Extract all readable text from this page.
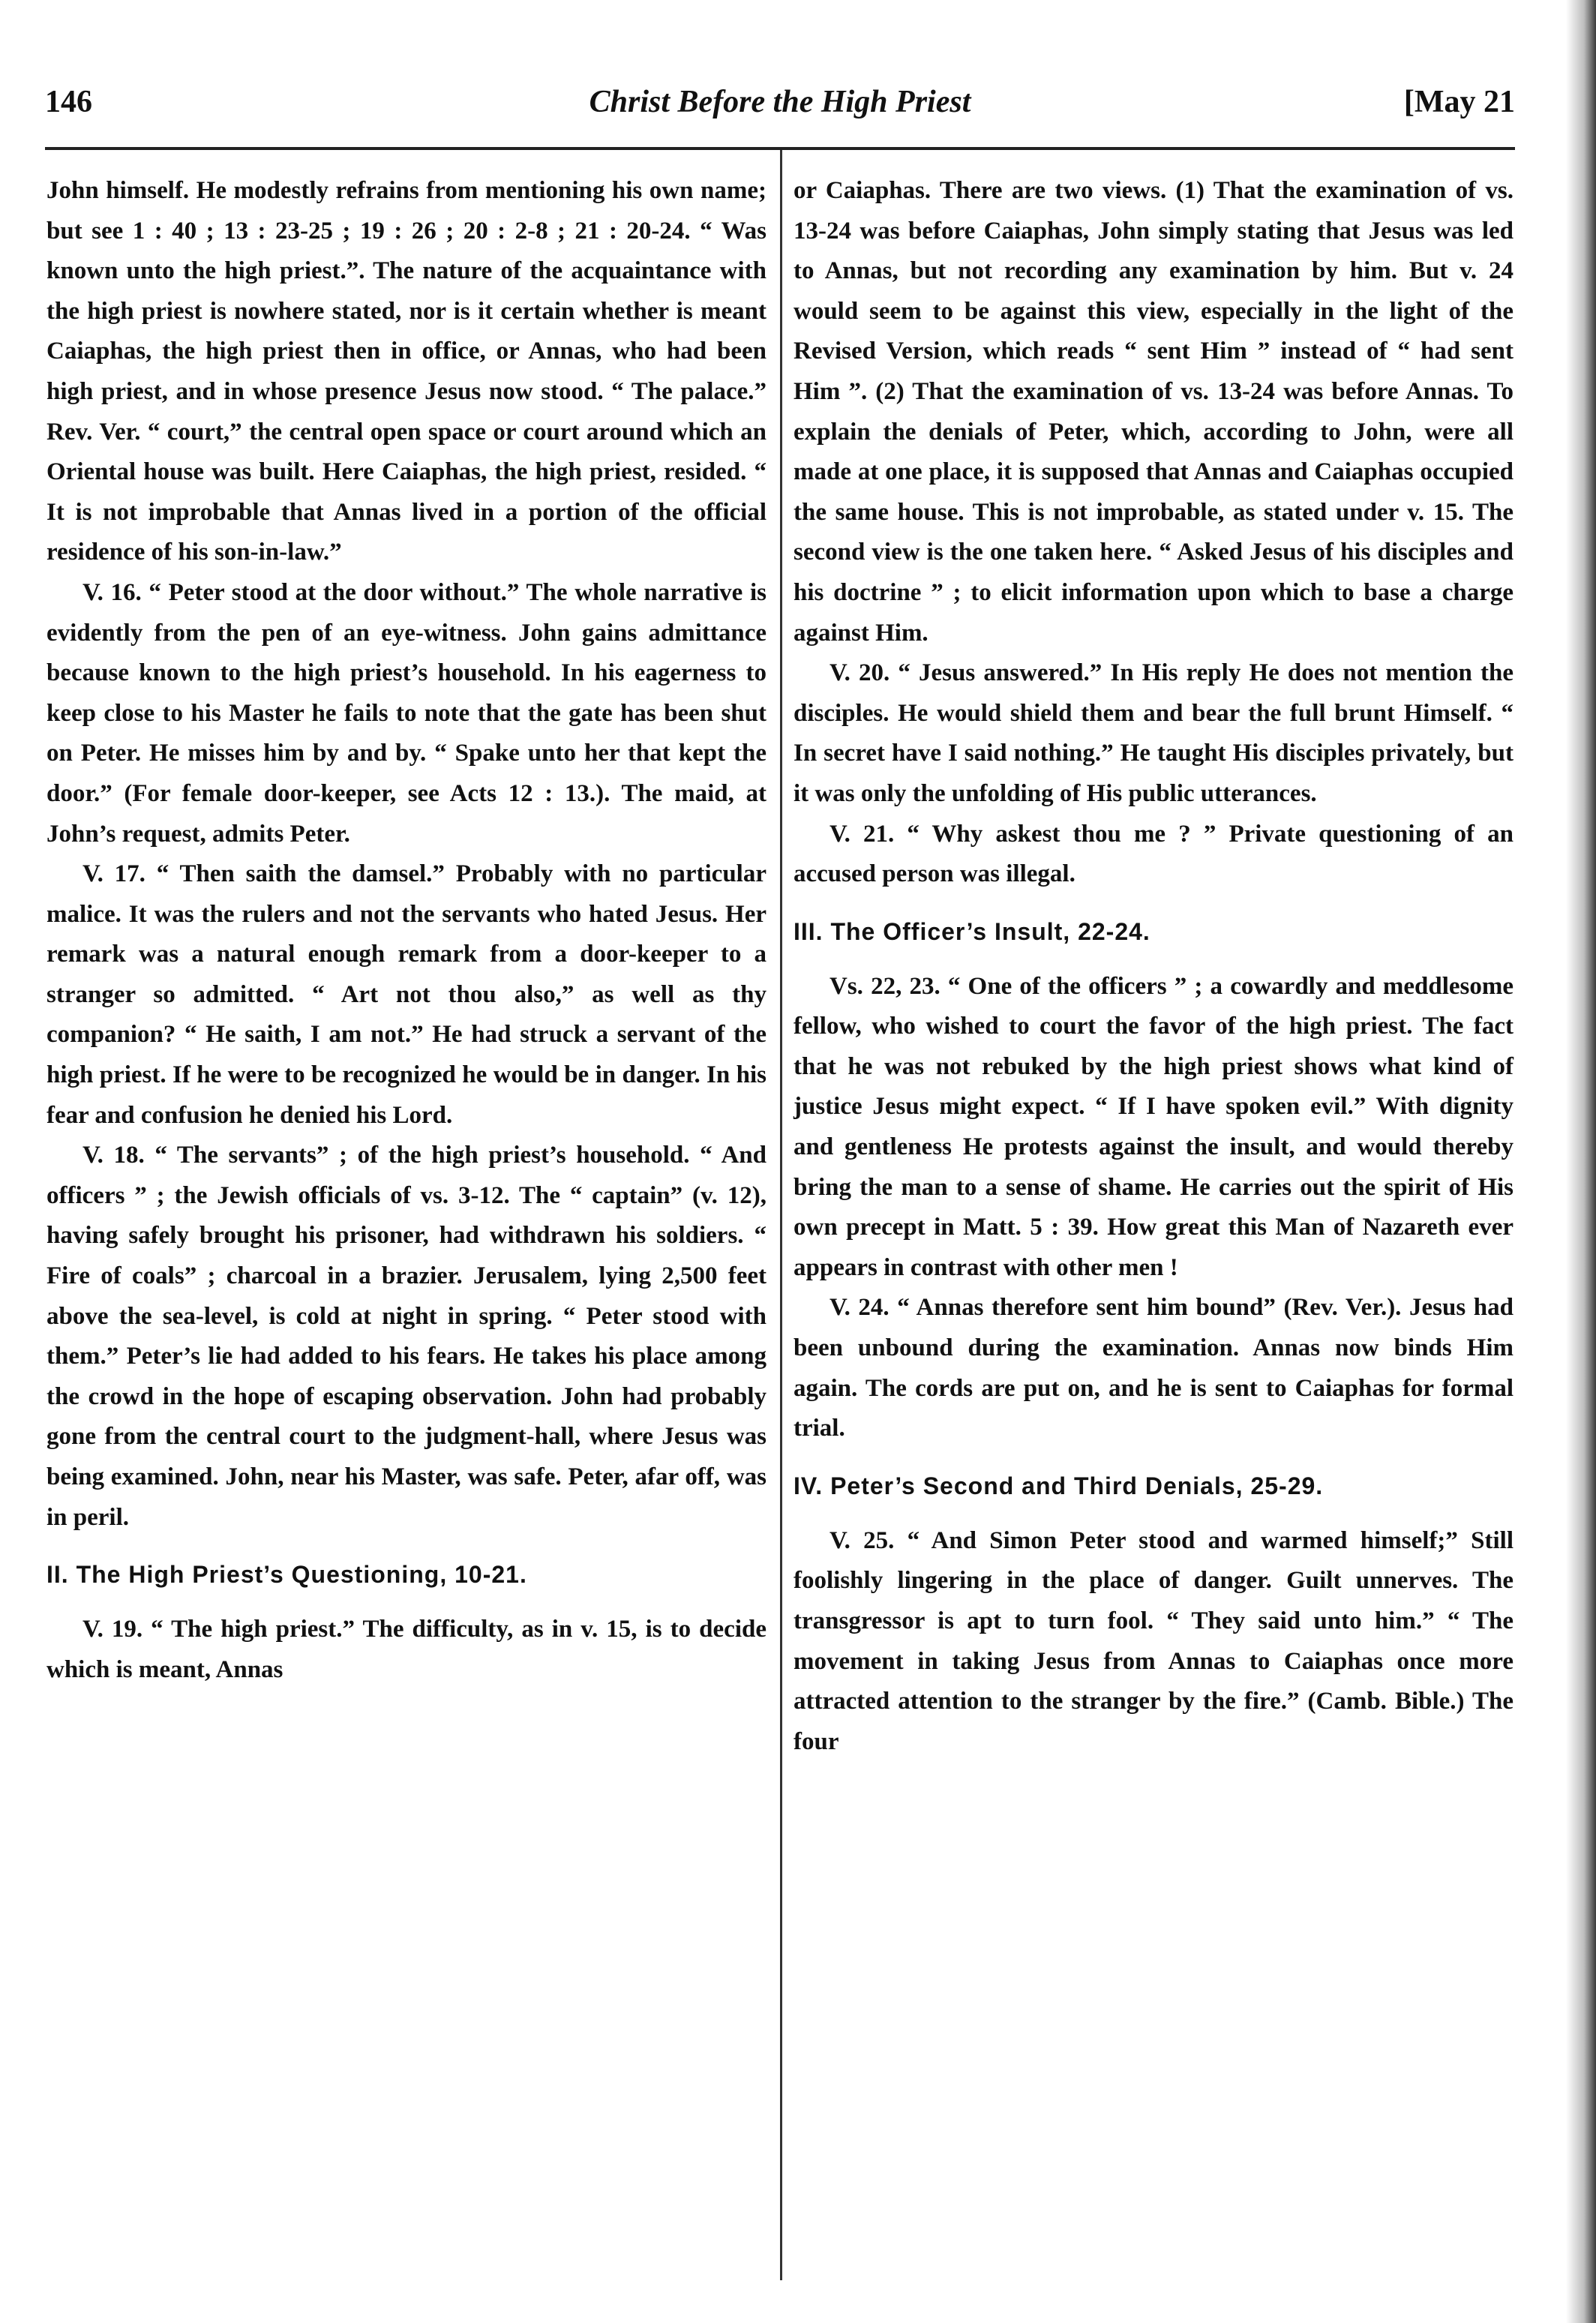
146	Christ Before the High Priest	[May 21

John himself. He modestly refrains from mentioning his own name; but see 1 : 40 ; 13 : 23-25 ; 19 : 26 ; 20 : 2-8 ; 21 : 20-24. “ Was known unto the high priest.”. The nature of the acquaintance with the high priest is nowhere stated, nor is it certain whether is meant Caiaphas, the high priest then in office, or Annas, who had been high priest, and in whose presence Jesus now stood. “ The palace.” Rev. Ver. “ court,” the central open space or court around which an Oriental house was built. Here Caiaphas, the high priest, resided. “ It is not improbable that Annas lived in a portion of the official residence of his son-in-law.”

V. 16. “ Peter stood at the door without.” The whole narrative is evidently from the pen of an eye-witness. John gains admittance because known to the high priest’s household. In his eagerness to keep close to his Master he fails to note that the gate has been shut on Peter. He misses him by and by. “ Spake unto her that kept the door.” (For female door-keeper, see Acts 12 : 13.). The maid, at John’s request, admits Peter.

V. 17. “ Then saith the damsel.” Probably with no particular malice. It was the rulers and not the servants who hated Jesus. Her remark was a natural enough remark from a door-keeper to a stranger so admitted. “ Art not thou also,” as well as thy companion? “ He saith, I am not.” He had struck a servant of the high priest. If he were to be recognized he would be in danger. In his fear and confusion he denied his Lord.

V. 18. “ The servants” ; of the high priest’s household. “ And officers ” ; the Jewish officials of vs. 3-12. The “ captain” (v. 12), having safely brought his prisoner, had withdrawn his soldiers. “ Fire of coals” ; charcoal in a brazier. Jerusalem, lying 2,500 feet above the sea-level, is cold at night in spring. “ Peter stood with them.” Peter’s lie had added to his fears. He takes his place among the crowd in the hope of escaping observation. John had probably gone from the central court to the judgment-hall, where Jesus was being examined. John, near his Master, was safe. Peter, afar off, was in peril.

II. The High Priest’s Questioning, 10-21.

V. 19. “ The high priest.” The difficulty, as in v. 15, is to decide which is meant, Annas

or Caiaphas. There are two views. (1) That the examination of vs. 13-24 was before Caiaphas, John simply stating that Jesus was led to Annas, but not recording any examination by him. But v. 24 would seem to be against this view, especially in the light of the Revised Version, which reads “ sent Him ” instead of “ had sent Him ”. (2) That the examination of vs. 13-24 was before Annas. To explain the denials of Peter, which, according to John, were all made at one place, it is supposed that Annas and Caiaphas occupied the same house. This is not improbable, as stated under v. 15. The second view is the one taken here. “ Asked Jesus of his disciples and his doctrine ” ; to elicit information upon which to base a charge against Him.

V. 20. “ Jesus answered.” In His reply He does not mention the disciples. He would shield them and bear the full brunt Himself. “ In secret have I said nothing.” He taught His disciples privately, but it was only the unfolding of His public utterances.

V. 21. “ Why askest thou me ? ” Private questioning of an accused person was illegal.

III. The Officer’s Insult, 22-24.

Vs. 22, 23. “ One of the officers ” ; a cowardly and meddlesome fellow, who wished to court the favor of the high priest. The fact that he was not rebuked by the high priest shows what kind of justice Jesus might expect. “ If I have spoken evil.” With dignity and gentleness He protests against the insult, and would thereby bring the man to a sense of shame. He carries out the spirit of His own precept in Matt. 5 : 39. How great this Man of Nazareth ever appears in contrast with other men !

V. 24. “ Annas therefore sent him bound” (Rev. Ver.). Jesus had been unbound during the examination. Annas now binds Him again. The cords are put on, and he is sent to Caiaphas for formal trial.

IV. Peter’s Second and Third Denials, 25-29.

V. 25. “ And Simon Peter stood and warmed himself;” Still foolishly lingering in the place of danger. Guilt unnerves. The transgressor is apt to turn fool. “ They said unto him.” “ The movement in taking Jesus from Annas to Caiaphas once more attracted attention to the stranger by the fire.” (Camb. Bible.) The four
